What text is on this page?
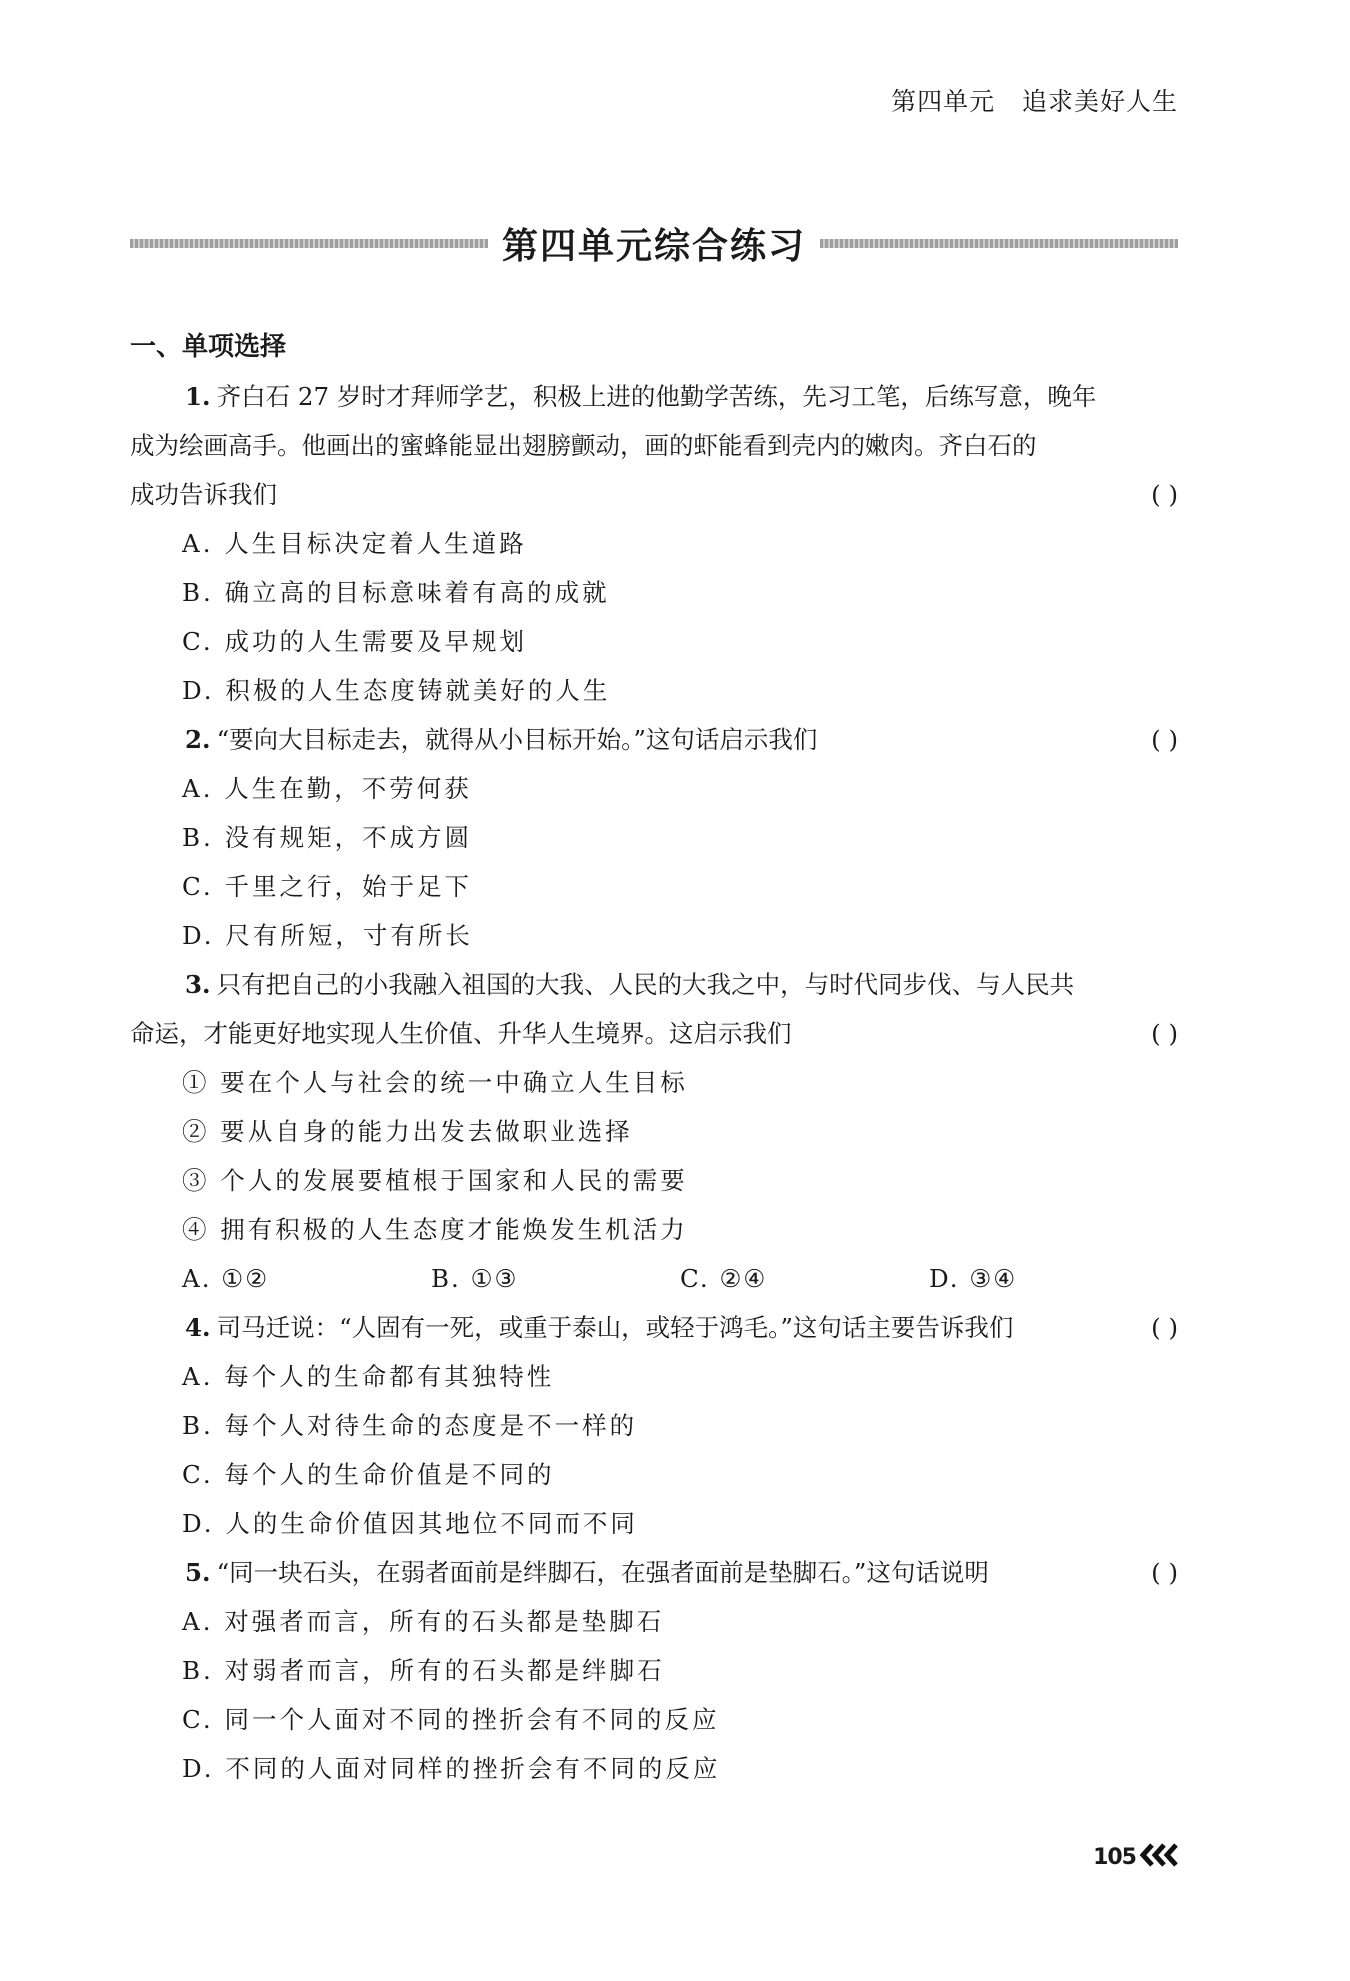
第四单元 追求美好人生
第四单元综合练习
一、单项选择
1. 齐白石 27 岁时才拜师学艺，积极上进的他勤学苦练，先习工笔，后练写意，晚年
成为绘画高手。他画出的蜜蜂能显出翅膀颤动，画的虾能看到壳内的嫩肉。齐白石的
成功告诉我们	( )
A. 人生目标决定着人生道路
B. 确立高的目标意味着有高的成就
C. 成功的人生需要及早规划
D. 积极的人生态度铸就美好的人生
2. “要向大目标走去，就得从小目标开始。”这句话启示我们	( )
A. 人生在勤，不劳何获
B. 没有规矩，不成方圆
C. 千里之行，始于足下
D. 尺有所短，寸有所长
3. 只有把自己的小我融入祖国的大我、人民的大我之中，与时代同步伐、与人民共
命运，才能更好地实现人生价值、升华人生境界。这启示我们	( )
① 要在个人与社会的统一中确立人生目标
② 要从自身的能力出发去做职业选择
③ 个人的发展要植根于国家和人民的需要
④ 拥有积极的人生态度才能焕发生机活力
A. ①②	B. ①③	C. ②④	D. ③④
4. 司马迁说：“人固有一死，或重于泰山，或轻于鸿毛。”这句话主要告诉我们	( )
A. 每个人的生命都有其独特性
B. 每个人对待生命的态度是不一样的
C. 每个人的生命价值是不同的
D. 人的生命价值因其地位不同而不同
5. “同一块石头，在弱者面前是绊脚石，在强者面前是垫脚石。”这句话说明	( )
A. 对强者而言，所有的石头都是垫脚石
B. 对弱者而言，所有的石头都是绊脚石
C. 同一个人面对不同的挫折会有不同的反应
D. 不同的人面对同样的挫折会有不同的反应
105
